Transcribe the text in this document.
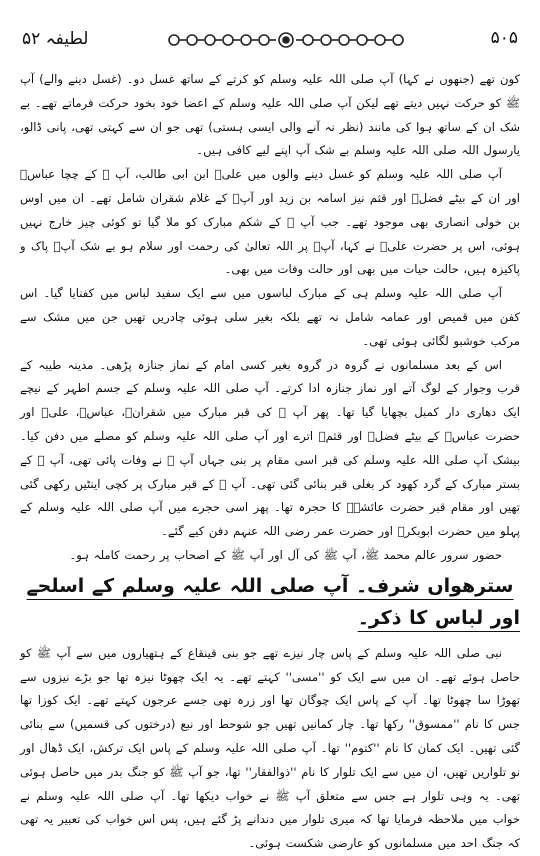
لطیفہ ۵۲	۵۰۵

کون تھے (جنھوں نے کہا) آپ صلی اللہ علیہ وسلم کو کرتے کے ساتھ غسل دو۔ (غسل دینے والے) آپ ﷺ کو حرکت نہیں دیتے تھے لیکن آپ صلی اللہ علیہ وسلم کے اعضا خود بخود حرکت فرماتے تھے۔ بے شک ان کے ساتھ ہوا کی مانند (نظر نہ آنے والی ایسی ہستی) تھی جو ان سے کہتی تھی، پانی ڈالو، یارسول اللہ صلی اللہ علیہ وسلم بے شک آپ اپنے لیے کافی ہیں۔

آپ صلی اللہ علیہ وسلم کو غسل دینے والوں میں علیؓ ابن ابی طالب، آپ ﷺ کے چچا عباسؓ اور ان کے بیٹے فضلؓ اور قثم نیز اسامہ بن زید اور آپؐ کے غلام شقران شامل تھے۔ ان میں اوس بن خولی انصاری بھی موجود تھے۔ جب آپ ﷺ کے شکم مبارک کو ملا گیا تو کوئی چیز خارج نہیں ہوئی، اس پر حضرت علیؓ نے کہا، آپؐ پر اللہ تعالیٰ کی رحمت اور سلام ہو بے شک آپؐ پاک و پاکیزہ ہیں، حالت حیات میں بھی اور حالت وفات میں بھی۔

آپ صلی اللہ علیہ وسلم ہی کے مبارک لباسوں میں سے ایک سفید لباس میں کفنایا گیا۔ اس کفن میں قمیص اور عمامہ شامل نہ تھے بلکہ بغیر سلی ہوئی چادریں تھیں جن میں مشک سے مرکب خوشبو لگائی ہوئی تھی۔

اس کے بعد مسلمانوں نے گروہ در گروہ بغیر کسی امام کے نماز جنازہ پڑھی۔ مدینہ طیبہ کے قرب وجوار کے لوگ آتے اور نماز جنازہ ادا کرتے۔ آپ صلی اللہ علیہ وسلم کے جسم اطہر کے نیچے ایک دھاری دار کمبل بچھایا گیا تھا۔ پھر آپ ﷺ کی قبر مبارک میں شقرانؓ، عباسؓ، علیؓ اور حضرت عباسؓ کے بیٹے فضلؓ اور قثمؓ اترے اور آپ صلی اللہ علیہ وسلم کو مصلے میں دفن کیا۔ بیشک آپ صلی اللہ علیہ وسلم کی قبر اسی مقام پر بنی جہاں آپ ﷺ نے وفات پائی تھی، آپ ﷺ کے بستر مبارک کے گرد کھود کر بغلی قبر بنائی گئی تھی۔ آپ ﷺ کے قبر مبارک پر کچی اینٹیں رکھی گئی تھیں اور مقام قبر حضرت عائشہؓ کا حجرہ تھا۔ پھر اسی حجرے میں آپ صلی اللہ علیہ وسلم کے پہلو میں حضرت ابوبکرؓ اور حضرت عمر رضی اللہ عنہم دفن کیے گئے۔

حضور سرور عالم محمد ﷺ، آپ ﷺ کی آل اور آپ ﷺ کے اصحاب پر رحمت کاملہ ہو۔

سترھواں شرف۔ آپ صلی اللہ علیہ وسلم کے اسلحے اور لباس کا ذکر۔

نبی صلی اللہ علیہ وسلم کے پاس چار نیزے تھے جو بنی قینقاع کے ہتھیاروں میں سے آپ ﷺ کو حاصل ہوئے تھے۔ ان میں سے ایک کو ''مسی'' کہتے تھے۔ یہ ایک چھوٹا نیزہ تھا جو بڑے نیزوں سے تھوڑا سا چھوٹا تھا۔ آپ کے پاس ایک چوگان تھا اور زرہ تھی جسے عرجون کہتے تھے۔ ایک کوزا تھا جس کا نام ''ممسوق'' رکھا تھا۔ چار کمانیں تھیں جو شوحط اور نبع (درختوں کی قسمیں) سے بنائی گئی تھیں۔ ایک کمان کا نام ''کتوم'' تھا۔ آپ صلی اللہ علیہ وسلم کے پاس ایک ترکش، ایک ڈھال اور نو تلواریں تھیں، ان میں سے ایک تلوار کا نام ''ذوالفقار'' تھا، جو آپ ﷺ کو جنگ بدر میں حاصل ہوئی تھی۔ یہ وہی تلوار ہے جس سے متعلق آپ ﷺ نے خواب دیکھا تھا۔ آپ صلی اللہ علیہ وسلم نے خواب میں ملاحظہ فرمایا تھا کہ میری تلوار میں دندانے پڑ گئے ہیں، پس اس خواب کی تعبیر یہ تھی کہ جنگ احد میں مسلمانوں کو عارضی شکست ہوئی۔
